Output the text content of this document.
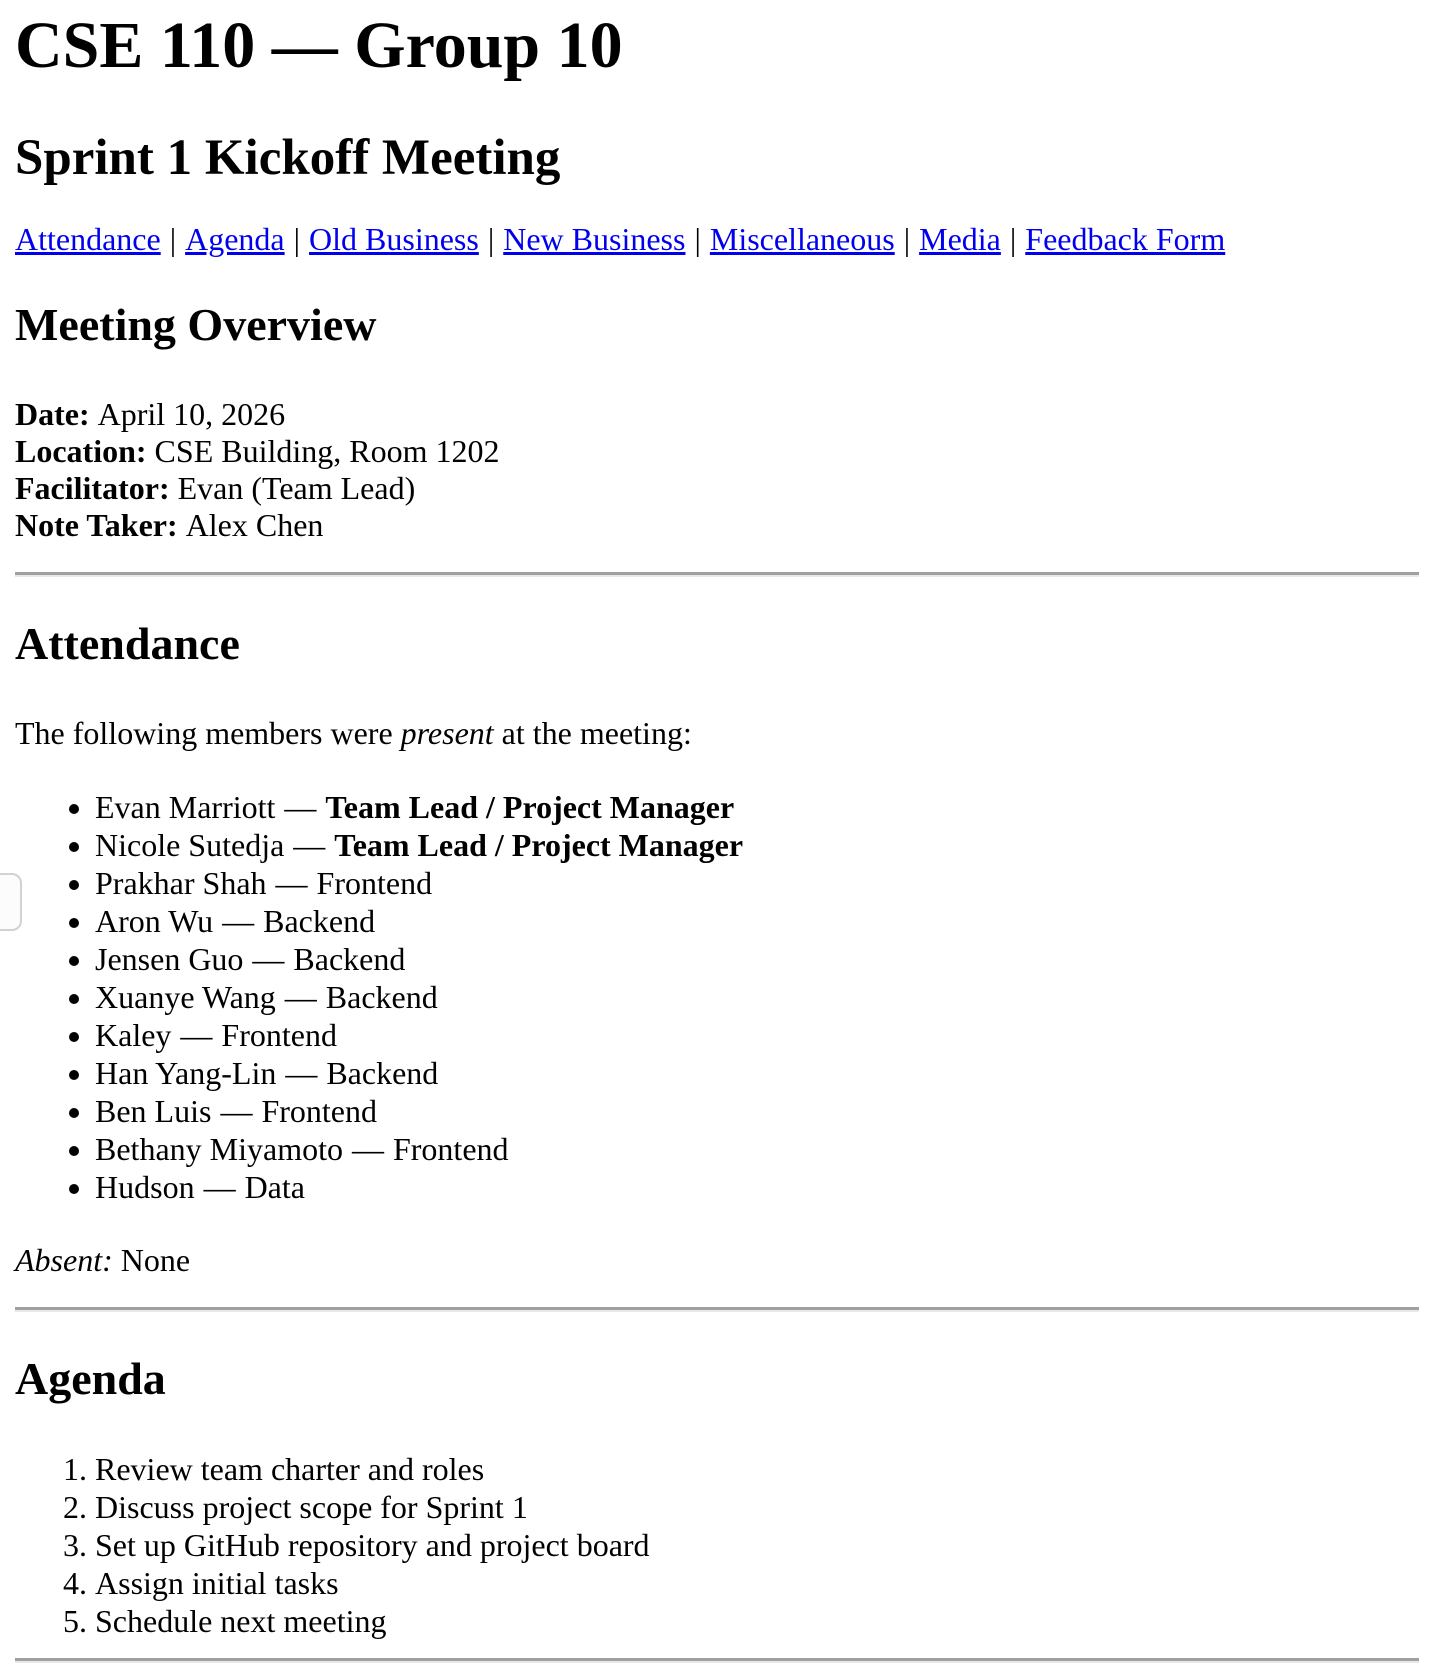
CSE 110 — Group 10
Sprint 1 Kickoff Meeting

Attendance | Agenda | Old Business | New Business | Miscellaneous | Media | Feedback Form

Meeting Overview

Date: April 10, 2026
Location: CSE Building, Room 1202
Facilitator: Evan (Team Lead)
Note Taker: Alex Chen

Attendance

The following members were present at the meeting:

• Evan Marriott — Team Lead / Project Manager
• Nicole Sutedja — Team Lead / Project Manager
• Prakhar Shah — Frontend
• Aron Wu — Backend
• Jensen Guo — Backend
• Xuanye Wang — Backend
• Kaley — Frontend
• Han Yang-Lin — Backend
• Ben Luis — Frontend
• Bethany Miyamoto — Frontend
• Hudson — Data

Absent: None

Agenda
1. Review team charter and roles
2. Discuss project scope for Sprint 1
3. Set up GitHub repository and project board
4. Assign initial tasks
5. Schedule next meeting
